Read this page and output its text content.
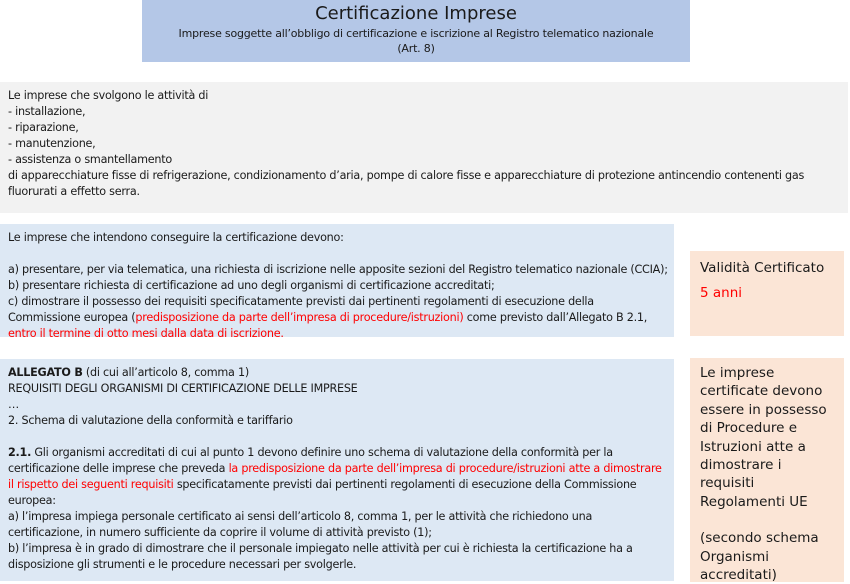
Certificazione Imprese
Imprese soggette all’obbligo di certificazione e iscrizione al Registro telematico nazionale
(Art. 8)
Le imprese che svolgono le attività di
- installazione,
- riparazione,
- manutenzione,
- assistenza o smantellamento
di apparecchiature fisse di refrigerazione, condizionamento d’aria, pompe di calore fisse e apparecchiature di protezione antincendio contenenti gas fluorurati a effetto serra.
Le imprese che intendono conseguire la certificazione devono:
a) presentare, per via telematica, una richiesta di iscrizione nelle apposite sezioni del Registro telematico nazionale (CCIA);
b) presentare richiesta di certificazione ad uno degli organismi di certificazione accreditati;
c) dimostrare il possesso dei requisiti specificatamente previsti dai pertinenti regolamenti di esecuzione della Commissione europea (predisposizione da parte dell’impresa di procedure/istruzioni) come previsto dall’Allegato B 2.1, entro il termine di otto mesi dalla data di iscrizione.
Validità Certificato
5 anni
ALLEGATO B (di cui all’articolo 8, comma 1)
REQUISITI DEGLI ORGANISMI DI CERTIFICAZIONE DELLE IMPRESE
…
2. Schema di valutazione della conformità e tariffario
2.1. Gli organismi accreditati di cui al punto 1 devono definire uno schema di valutazione della conformità per la certificazione delle imprese che preveda la predisposizione da parte dell’impresa di procedure/istruzioni atte a dimostrare il rispetto dei seguenti requisiti specificatamente previsti dai pertinenti regolamenti di esecuzione della Commissione europea:
a) l’impresa impiega personale certificato ai sensi dell’articolo 8, comma 1, per le attività che richiedono una certificazione, in numero sufficiente da coprire il volume di attività previsto (1);
b) l’impresa è in grado di dimostrare che il personale impiegato nelle attività per cui è richiesta la certificazione ha a disposizione gli strumenti e le procedure necessari per svolgerle.
Le imprese certificate devono essere in possesso di Procedure e Istruzioni atte a dimostrare i requisiti Regolamenti UE
(secondo schema Organismi accreditati)
